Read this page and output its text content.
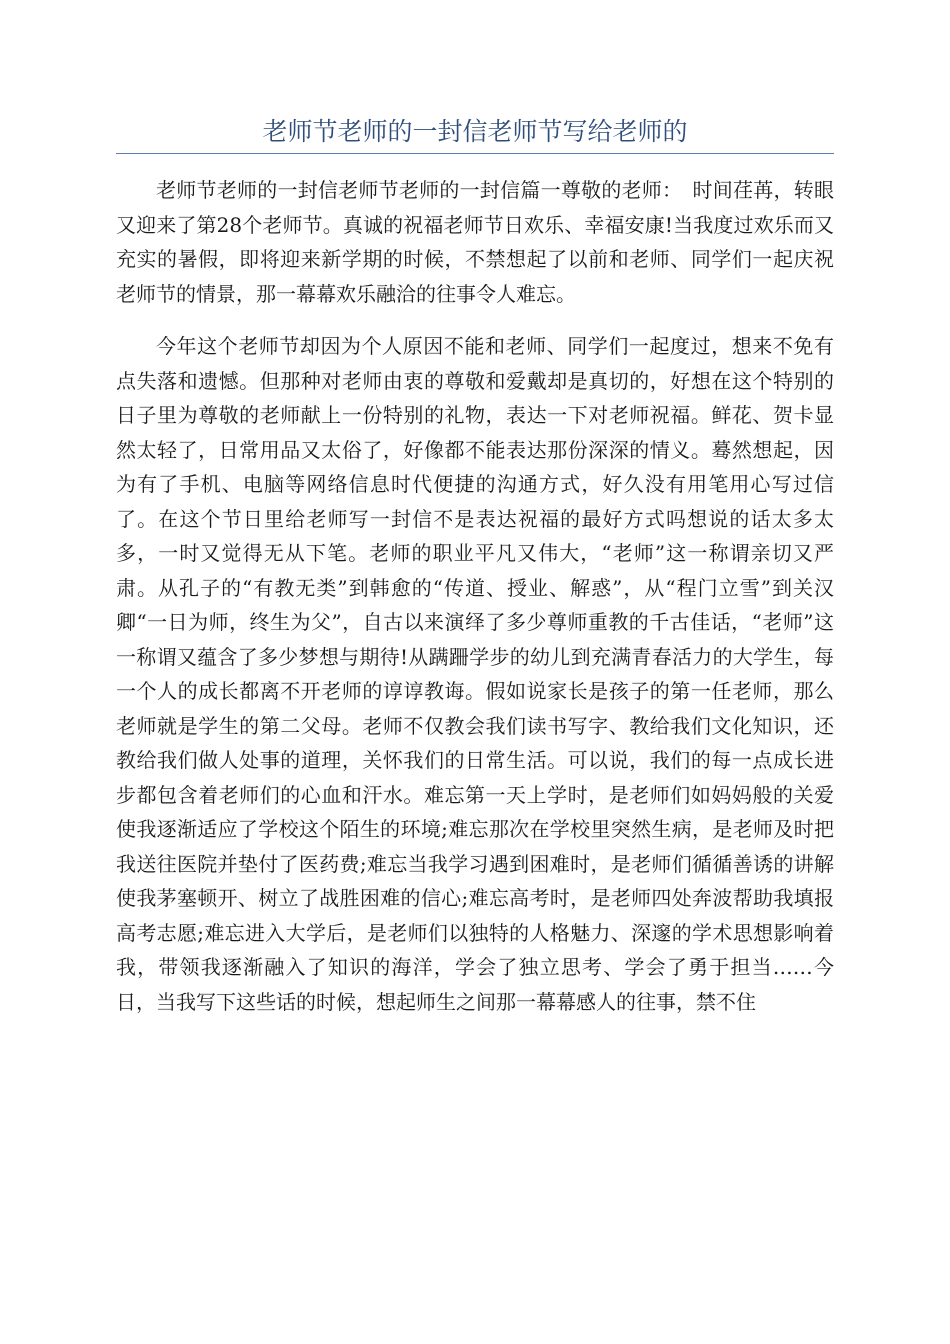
老师节老师的一封信老师节写给老师的

老师节老师的一封信老师节老师的一封信篇一尊敬的老师：　时间荏苒，转眼又迎来了第28个老师节。真诚的祝福老师节日欢乐、幸福安康!当我度过欢乐而又充实的暑假，即将迎来新学期的时候，不禁想起了以前和老师、同学们一起庆祝老师节的情景，那一幕幕欢乐融洽的往事令人难忘。

今年这个老师节却因为个人原因不能和老师、同学们一起度过，想来不免有点失落和遗憾。但那种对老师由衷的尊敬和爱戴却是真切的，好想在这个特别的日子里为尊敬的老师献上一份特别的礼物，表达一下对老师祝福。鲜花、贺卡显然太轻了，日常用品又太俗了，好像都不能表达那份深深的情义。蓦然想起，因为有了手机、电脑等网络信息时代便捷的沟通方式，好久没有用笔用心写过信了。在这个节日里给老师写一封信不是表达祝福的最好方式吗想说的话太多太多，一时又觉得无从下笔。老师的职业平凡又伟大，“老师”这一称谓亲切又严肃。从孔子的“有教无类”到韩愈的“传道、授业、解惑”，从“程门立雪”到关汉卿“一日为师，终生为父”，自古以来演绎了多少尊师重教的千古佳话，“老师”这一称谓又蕴含了多少梦想与期待!从蹒跚学步的幼儿到充满青春活力的大学生，每一个人的成长都离不开老师的谆谆教诲。假如说家长是孩子的第一任老师，那么老师就是学生的第二父母。老师不仅教会我们读书写字、教给我们文化知识，还教给我们做人处事的道理，关怀我们的日常生活。可以说，我们的每一点成长进步都包含着老师们的心血和汗水。难忘第一天上学时，是老师们如妈妈般的关爱使我逐渐适应了学校这个陌生的环境;难忘那次在学校里突然生病，是老师及时把我送往医院并垫付了医药费;难忘当我学习遇到困难时，是老师们循循善诱的讲解使我茅塞顿开、树立了战胜困难的信心;难忘高考时，是老师四处奔波帮助我填报高考志愿;难忘进入大学后，是老师们以独特的人格魅力、深邃的学术思想影响着我，带领我逐渐融入了知识的海洋，学会了独立思考、学会了勇于担当……今日，当我写下这些话的时候，想起师生之间那一幕幕感人的往事，禁不住
